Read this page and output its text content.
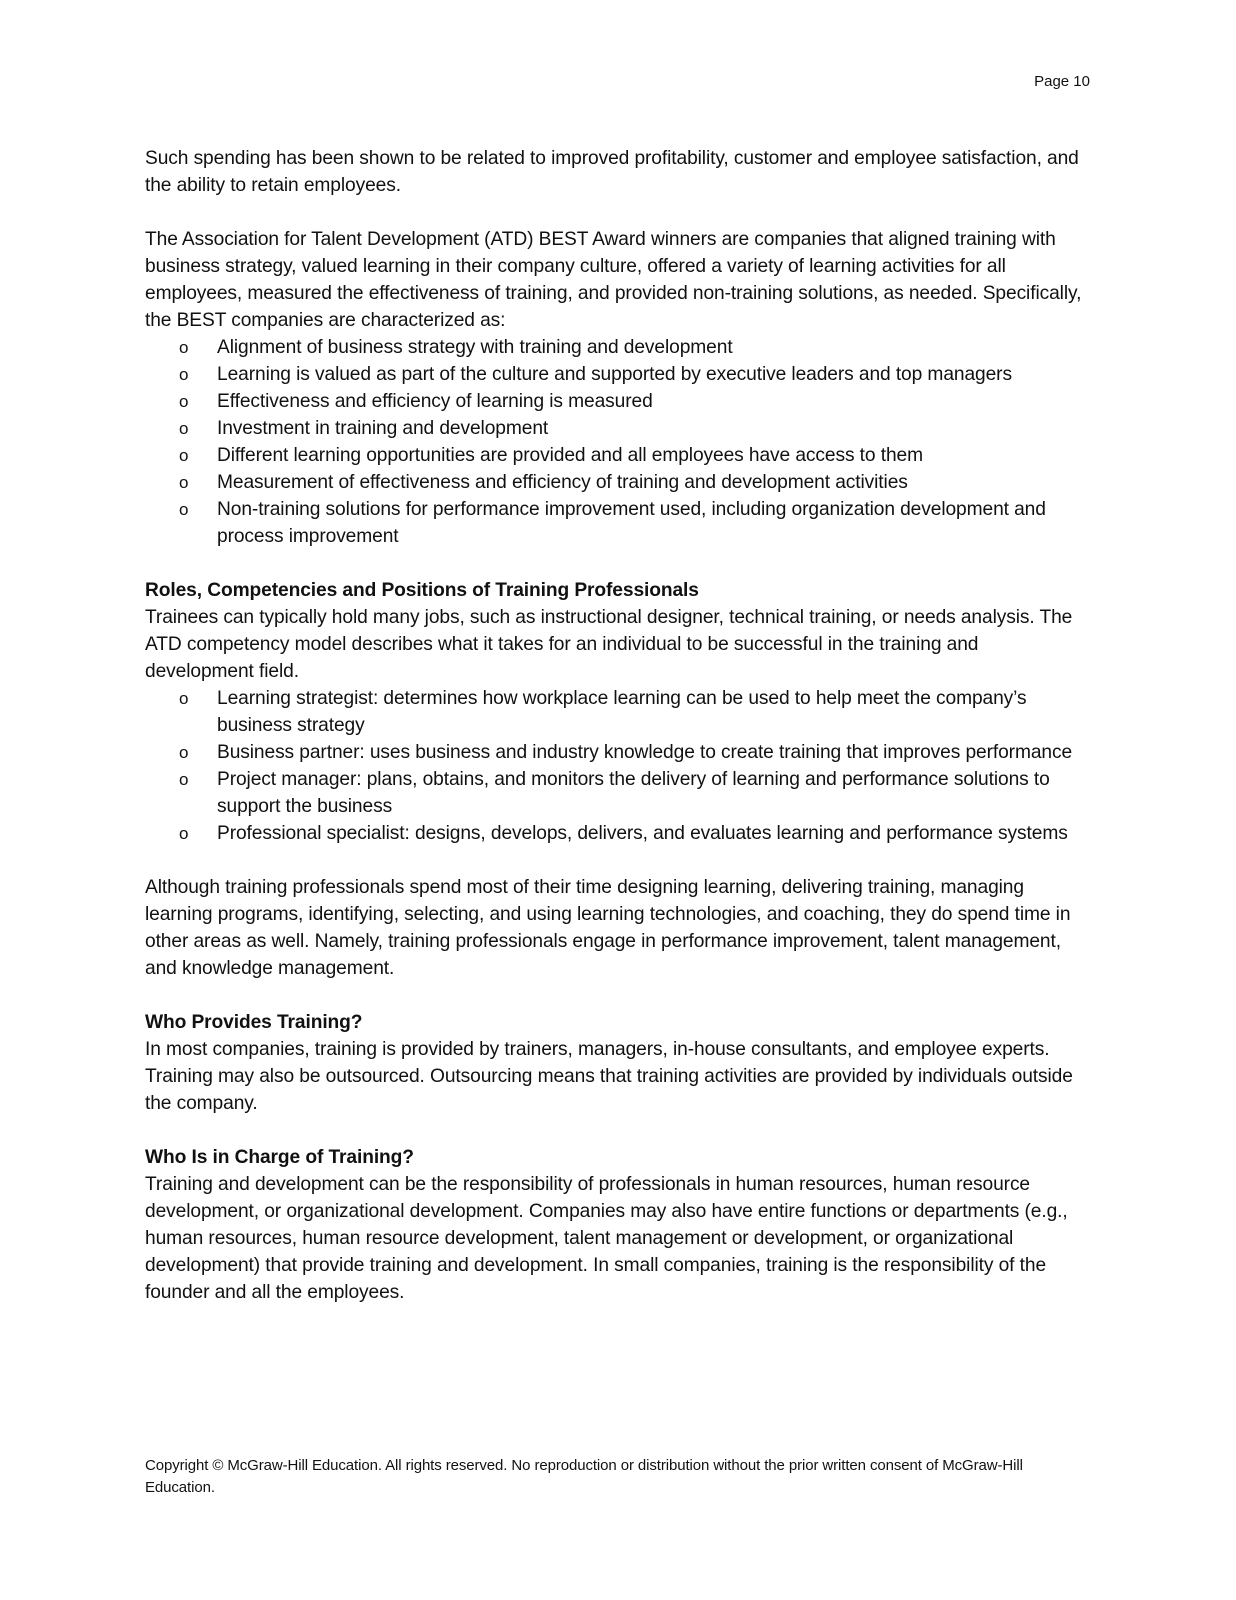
Page 10

Such spending has been shown to be related to improved profitability, customer and employee satisfaction, and the ability to retain employees.

The Association for Talent Development (ATD) BEST Award winners are companies that aligned training with business strategy, valued learning in their company culture, offered a variety of learning activities for all employees, measured the effectiveness of training, and provided non-training solutions, as needed. Specifically, the BEST companies are characterized as:

o	Alignment of business strategy with training and development
o	Learning is valued as part of the culture and supported by executive leaders and top managers
o	Effectiveness and efficiency of learning is measured
o	Investment in training and development
o	Different learning opportunities are provided and all employees have access to them
o	Measurement of effectiveness and efficiency of training and development activities
o	Non-training solutions for performance improvement used, including organization development and process improvement

Roles, Competencies and Positions of Training Professionals

Trainees can typically hold many jobs, such as instructional designer, technical training, or needs analysis. The ATD competency model describes what it takes for an individual to be successful in the training and development field.

o	Learning strategist: determines how workplace learning can be used to help meet the company’s business strategy
o	Business partner: uses business and industry knowledge to create training that improves performance
o	Project manager: plans, obtains, and monitors the delivery of learning and performance solutions to support the business
o	Professional specialist: designs, develops, delivers, and evaluates learning and performance systems

Although training professionals spend most of their time designing learning, delivering training, managing learning programs, identifying, selecting, and using learning technologies, and coaching, they do spend time in other areas as well. Namely, training professionals engage in performance improvement, talent management, and knowledge management.

Who Provides Training?

In most companies, training is provided by trainers, managers, in-house consultants, and employee experts. Training may also be outsourced. Outsourcing means that training activities are provided by individuals outside the company.

Who Is in Charge of Training?

Training and development can be the responsibility of professionals in human resources, human resource development, or organizational development. Companies may also have entire functions or departments (e.g., human resources, human resource development, talent management or development, or organizational development) that provide training and development. In small companies, training is the responsibility of the founder and all the employees.

Copyright © McGraw-Hill Education. All rights reserved. No reproduction or distribution without the prior written consent of McGraw-Hill Education.
